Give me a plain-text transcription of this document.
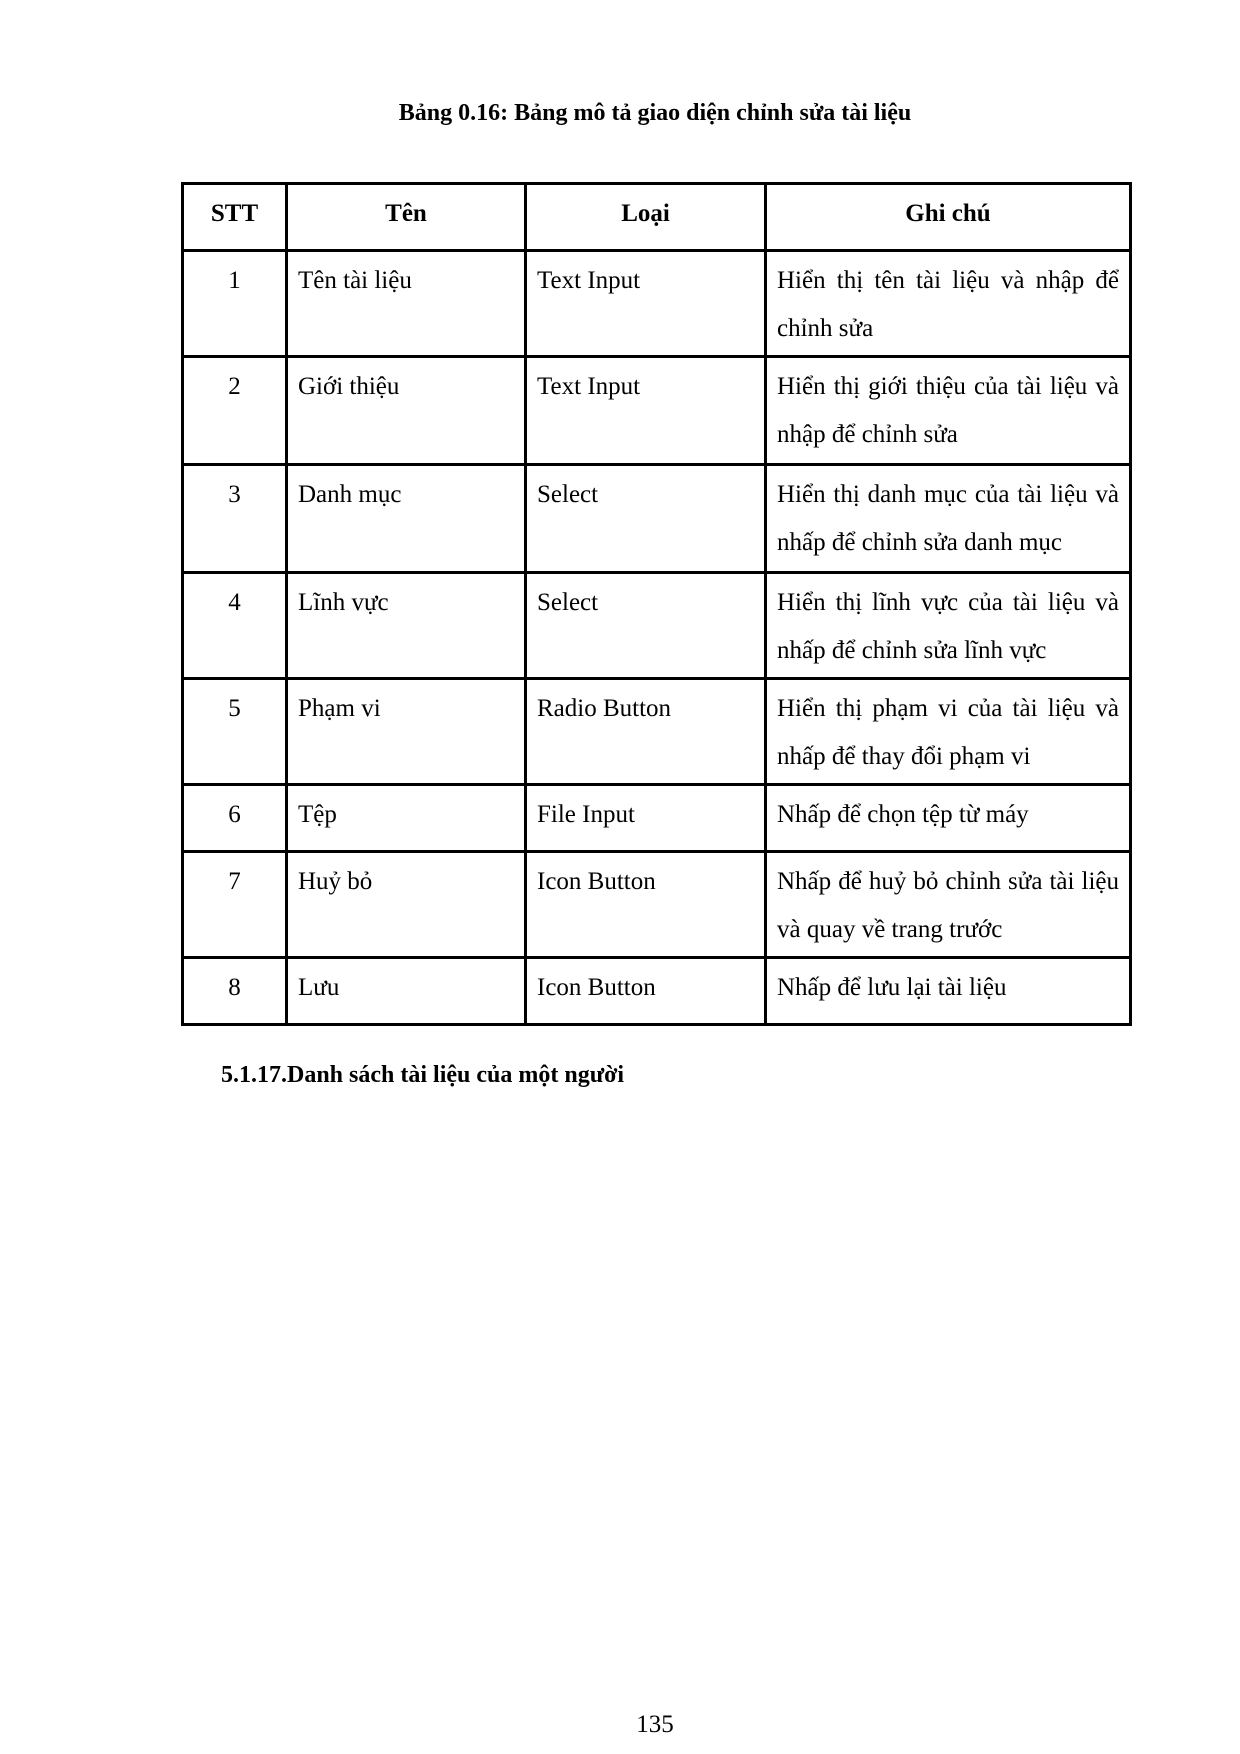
Bảng 0.16: Bảng mô tả giao diện chỉnh sửa tài liệu
STT	Tên	Loại	Ghi chú
1	Tên tài liệu	Text Input	Hiển thị tên tài liệu và nhập để chỉnh sửa
2	Giới thiệu	Text Input	Hiển thị giới thiệu của tài liệu và nhập để chỉnh sửa
3	Danh mục	Select	Hiển thị danh mục của tài liệu và nhấp để chỉnh sửa danh mục
4	Lĩnh vực	Select	Hiển thị lĩnh vực của tài liệu và nhấp để chỉnh sửa lĩnh vực
5	Phạm vi	Radio Button	Hiển thị phạm vi của tài liệu và nhấp để thay đổi phạm vi
6	Tệp	File Input	Nhấp để chọn tệp từ máy
7	Huỷ bỏ	Icon Button	Nhấp để huỷ bỏ chỉnh sửa tài liệu và quay về trang trước
8	Lưu	Icon Button	Nhấp để lưu lại tài liệu
5.1.17.Danh sách tài liệu của một người
135
